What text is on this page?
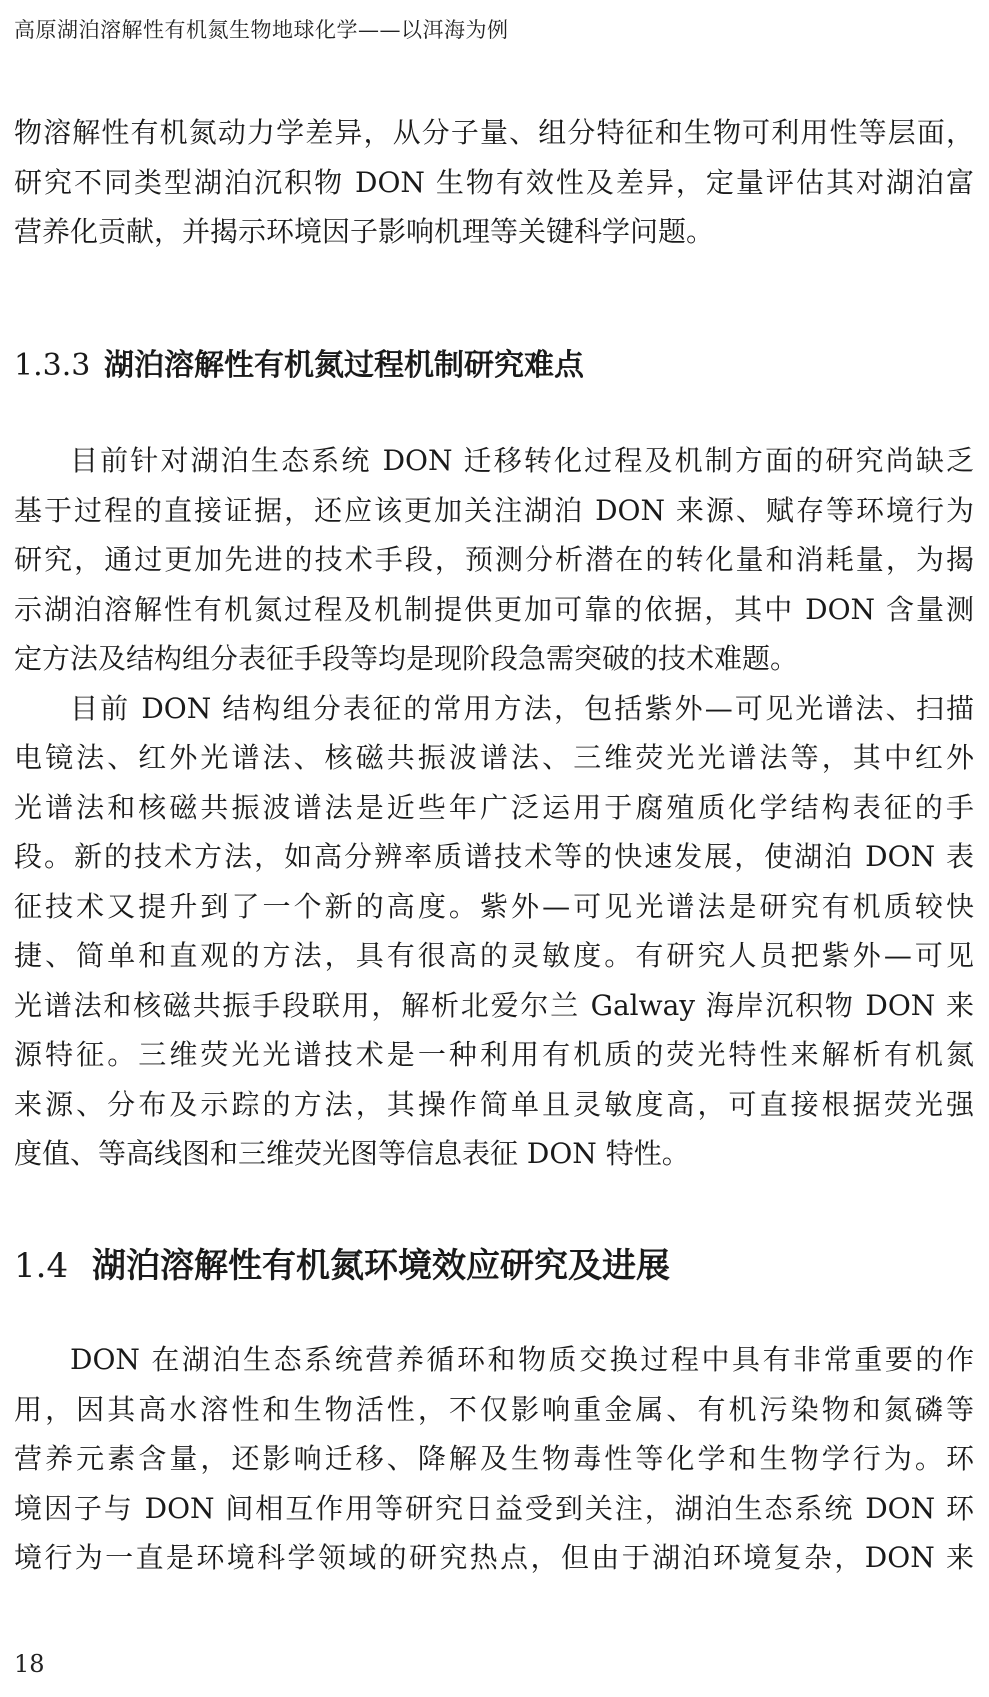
高原湖泊溶解性有机氮生物地球化学——以洱海为例

物溶解性有机氮动力学差异，从分子量、组分特征和生物可利用性等层面，

研究不同类型湖泊沉积物 DON 生物有效性及差异，定量评估其对湖泊富

营养化贡献，并揭示环境因子影响机理等关键科学问题。

1.3.3 湖泊溶解性有机氮过程机制研究难点

目前针对湖泊生态系统 DON 迁移转化过程及机制方面的研究尚缺乏

基于过程的直接证据，还应该更加关注湖泊 DON 来源、赋存等环境行为

研究，通过更加先进的技术手段，预测分析潜在的转化量和消耗量，为揭

示湖泊溶解性有机氮过程及机制提供更加可靠的依据，其中 DON 含量测

定方法及结构组分表征手段等均是现阶段急需突破的技术难题。

目前 DON 结构组分表征的常用方法，包括紫外—可见光谱法、扫描

电镜法、红外光谱法、核磁共振波谱法、三维荧光光谱法等，其中红外

光谱法和核磁共振波谱法是近些年广泛运用于腐殖质化学结构表征的手

段。新的技术方法，如高分辨率质谱技术等的快速发展，使湖泊 DON 表

征技术又提升到了一个新的高度。紫外—可见光谱法是研究有机质较快

捷、简单和直观的方法，具有很高的灵敏度。有研究人员把紫外—可见

光谱法和核磁共振手段联用，解析北爱尔兰 Galway 海岸沉积物 DON 来

源特征。三维荧光光谱技术是一种利用有机质的荧光特性来解析有机氮

来源、分布及示踪的方法，其操作简单且灵敏度高，可直接根据荧光强

度值、等高线图和三维荧光图等信息表征 DON 特性。

1.4 湖泊溶解性有机氮环境效应研究及进展

DON 在湖泊生态系统营养循环和物质交换过程中具有非常重要的作

用，因其高水溶性和生物活性，不仅影响重金属、有机污染物和氮磷等

营养元素含量，还影响迁移、降解及生物毒性等化学和生物学行为。环

境因子与 DON 间相互作用等研究日益受到关注，湖泊生态系统 DON 环

境行为一直是环境科学领域的研究热点，但由于湖泊环境复杂，DON 来

18
